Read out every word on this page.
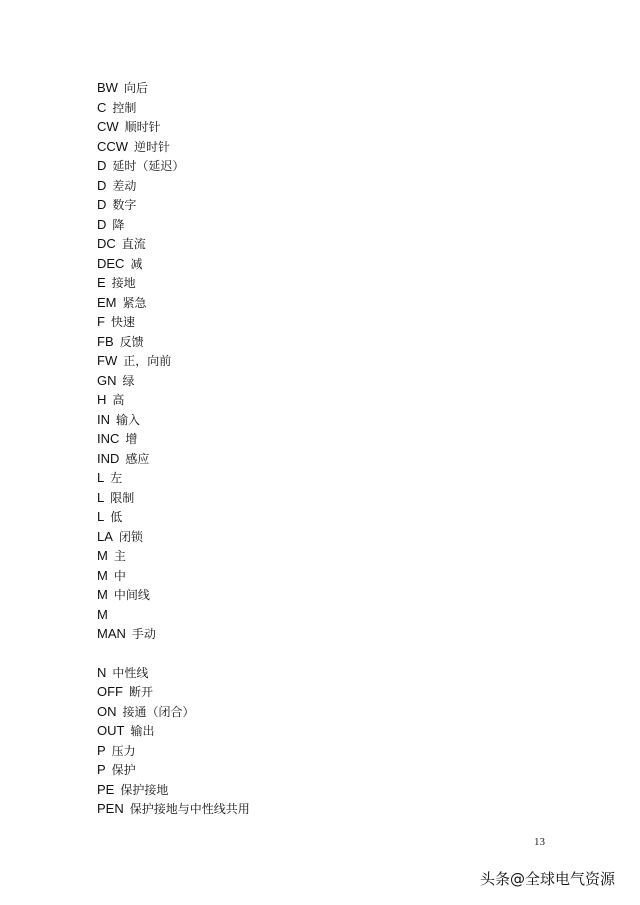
BW 向后
C 控制
CW 顺时针
CCW 逆时针
D 延时（延迟）
D 差动
D 数字
D 降
DC 直流
DEC 减
E 接地
EM 紧急
F 快速
FB 反馈
FW 正，向前
GN 绿
H 高
IN 输入
INC 增
IND 感应
L 左
L 限制
L 低
LA 闭锁
M 主
M 中
M 中间线
M
MAN 手动
N 中性线
OFF 断开
ON 接通（闭合）
OUT 输出
P 压力
P 保护
PE 保护接地
PEN 保护接地与中性线共用
13
头条@全球电气资源
